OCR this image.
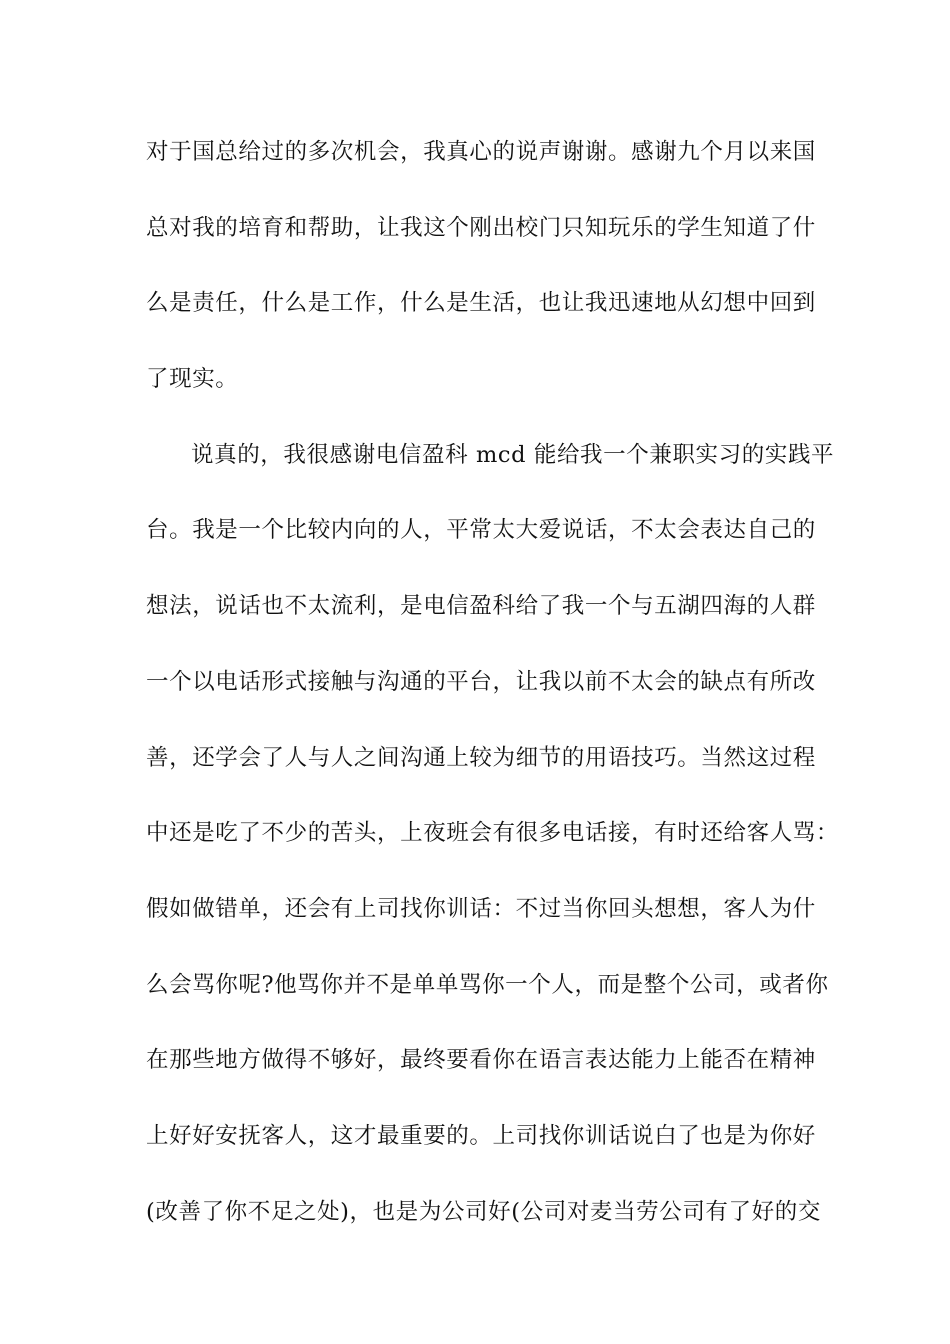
对于国总给过的多次机会，我真心的说声谢谢。感谢九个月以来国
总对我的培育和帮助，让我这个刚出校门只知玩乐的学生知道了什
么是责任，什么是工作，什么是生活，也让我迅速地从幻想中回到
了现实。
说真的，我很感谢电信盈科 mcd 能给我一个兼职实习的实践平
台。我是一个比较内向的人，平常太大爱说话，不太会表达自己的
想法，说话也不太流利，是电信盈科给了我一个与五湖四海的人群
一个以电话形式接触与沟通的平台，让我以前不太会的缺点有所改
善，还学会了人与人之间沟通上较为细节的用语技巧。当然这过程
中还是吃了不少的苦头，上夜班会有很多电话接，有时还给客人骂：
假如做错单，还会有上司找你训话：不过当你回头想想，客人为什
么会骂你呢?他骂你并不是单单骂你一个人，而是整个公司，或者你
在那些地方做得不够好，最终要看你在语言表达能力上能否在精神
上好好安抚客人，这才最重要的。上司找你训话说白了也是为你好
(改善了你不足之处)，也是为公司好(公司对麦当劳公司有了好的交
